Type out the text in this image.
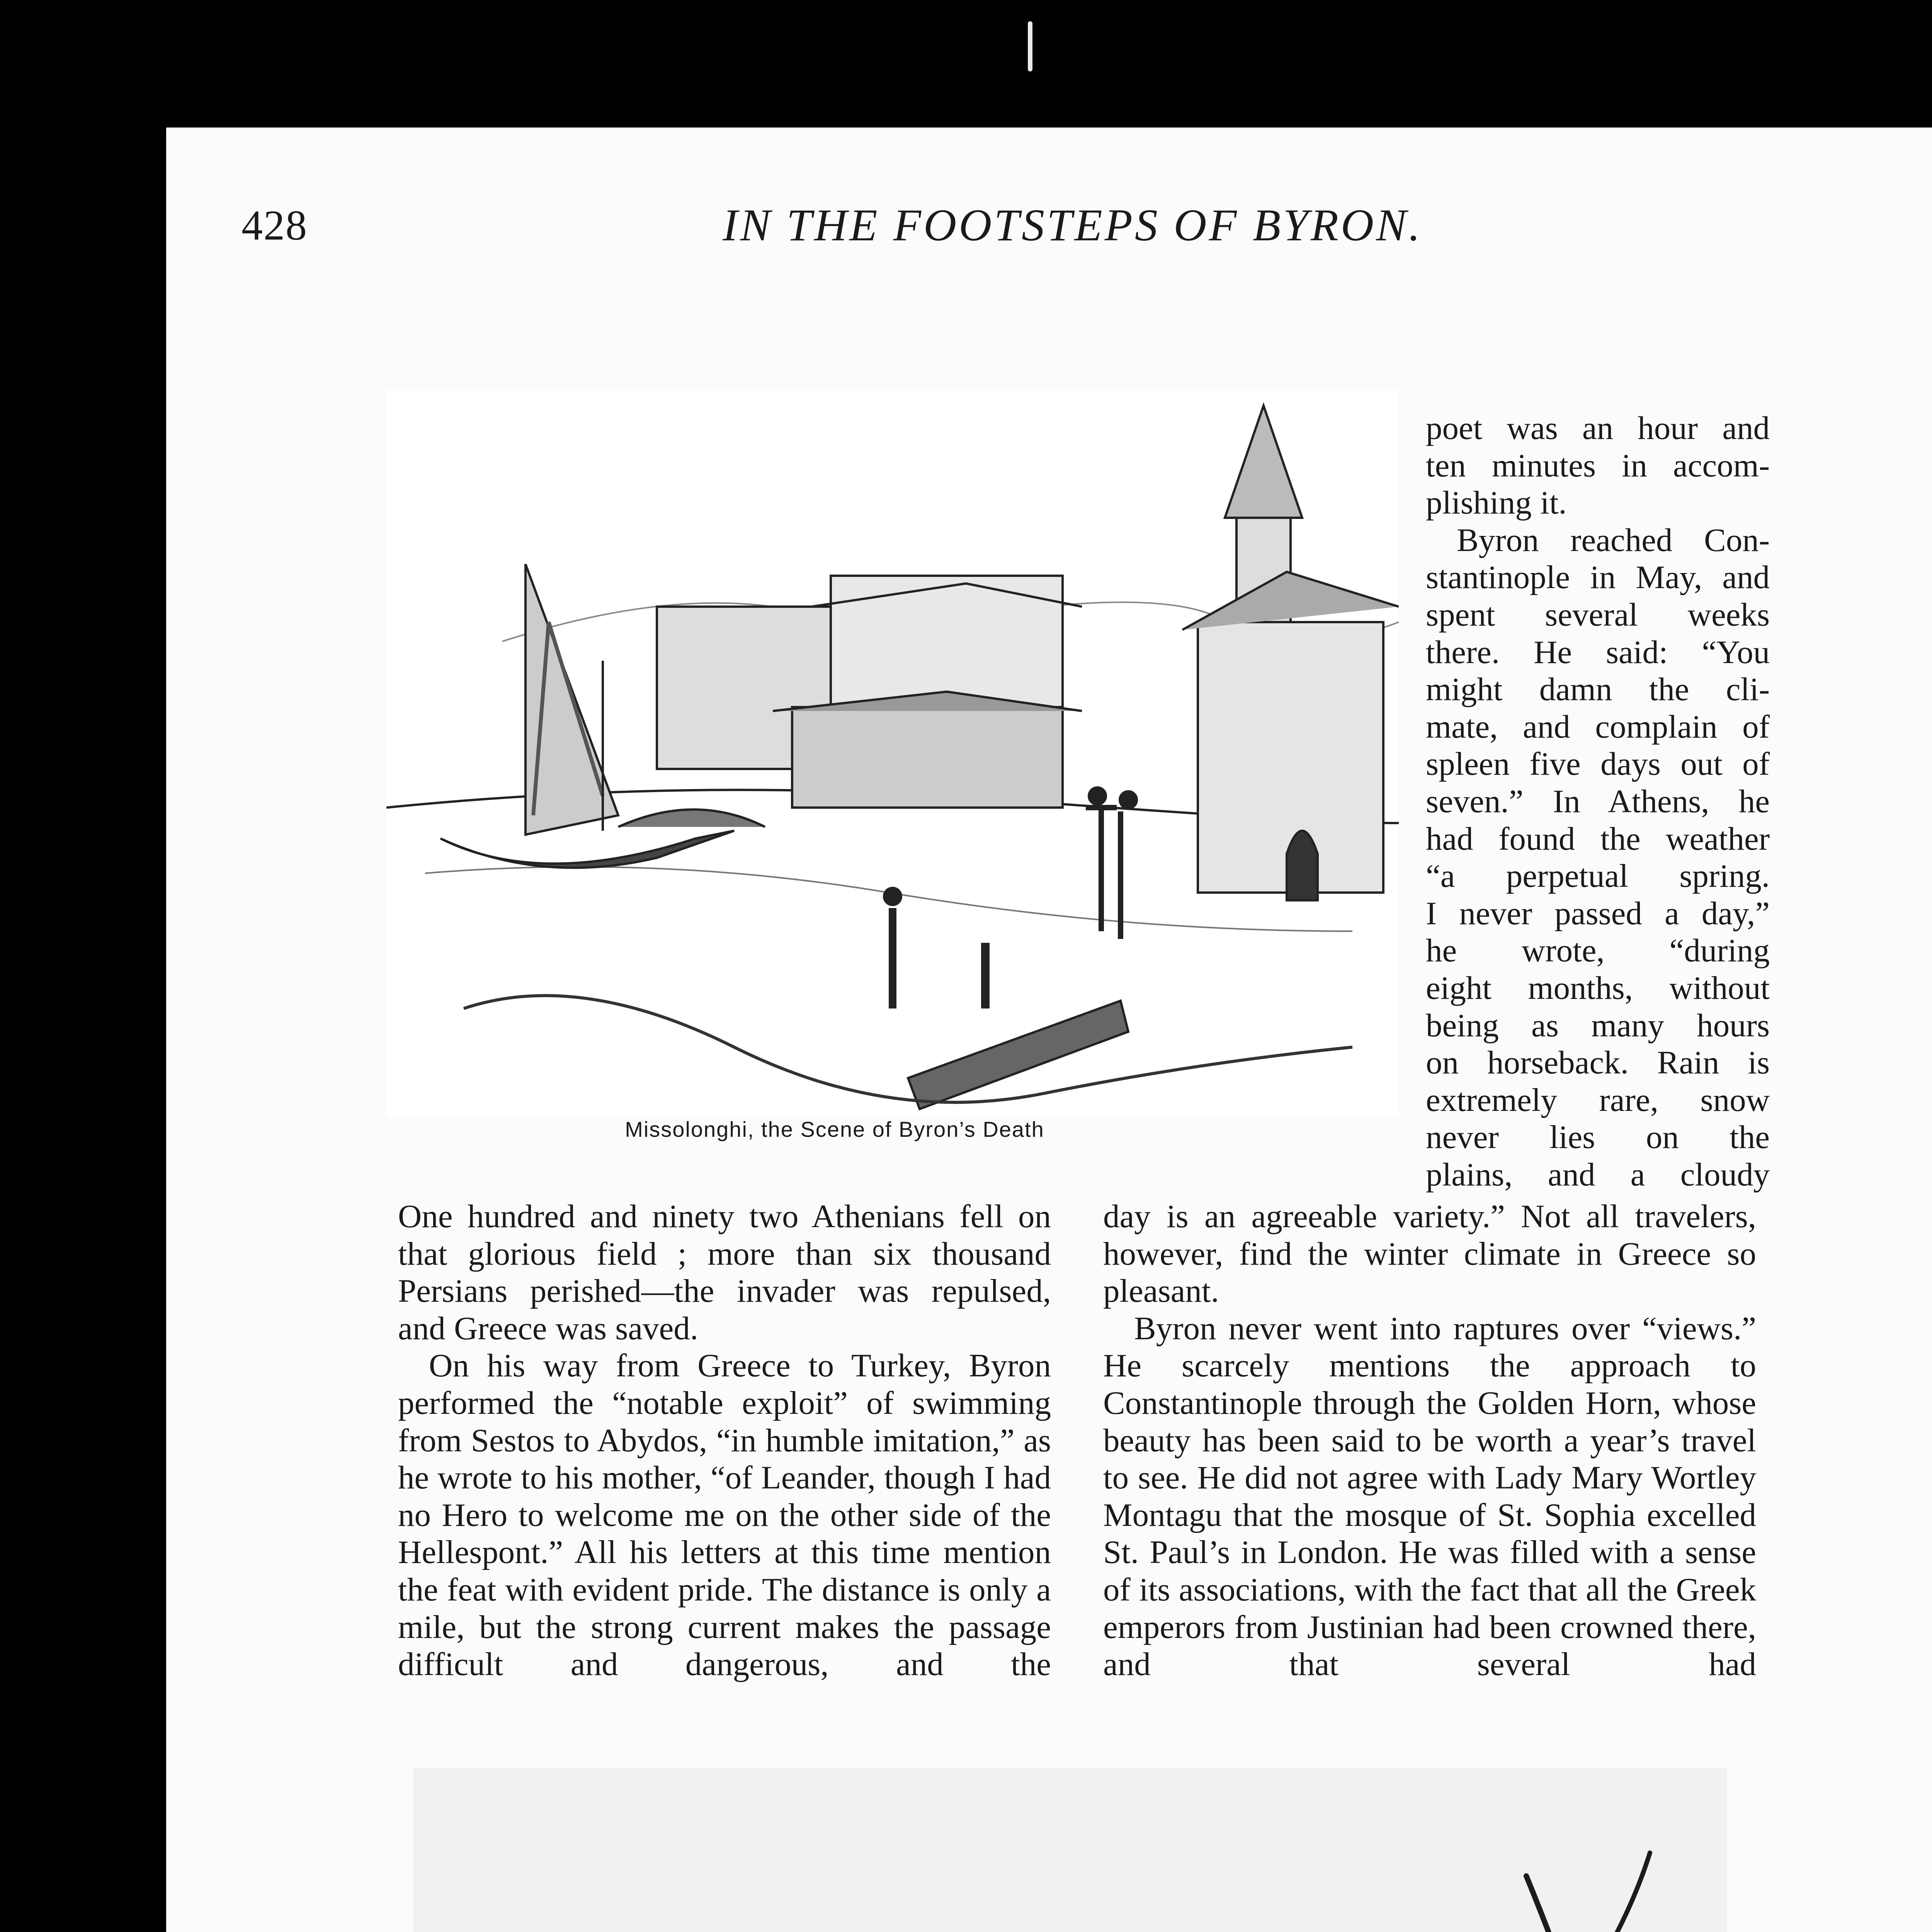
428	IN THE FOOTSTEPS OF BYRON.
Missolonghi, the Scene of Byron’s Death
poet was an hour and
ten minutes in accom-
plishing it.
Byron reached Con-
stantinople in May, and
spent several weeks
there. He said: “You
might damn the cli-
mate, and complain of
spleen five days out of
seven.” In Athens, he
had found the weather
“a perpetual spring.
I never passed a day,”
he wrote, “during
eight months, without
being as many hours
on horseback. Rain is
extremely rare, snow
never lies on the
plains, and a cloudy

One hundred and ninety two Athenians fell on that glorious field ; more than six thousand Persians perished—the invader was repulsed, and Greece was saved.

On his way from Greece to Turkey, Byron performed the “notable exploit” of swimming from Sestos to Abydos, “in humble imitation,” as he wrote to his mother, “of Leander, though I had no Hero to welcome me on the other side of the Hellespont.” All his letters at this time mention the feat with evident pride. The distance is only a mile, but the strong current makes the passage difficult and dangerous, and the

day is an agreeable variety.” Not all travelers, however, find the winter climate in Greece so pleasant.

Byron never went into raptures over “views.” He scarcely mentions the approach to Constantinople through the Golden Horn, whose beauty has been said to be worth a year’s travel to see. He did not agree with Lady Mary Wortley Montagu that the mosque of St. Sophia excelled St. Paul’s in London. He was filled with a sense of its associations, with the fact that all the Greek emperors from Justinian had been crowned there, and that several had
